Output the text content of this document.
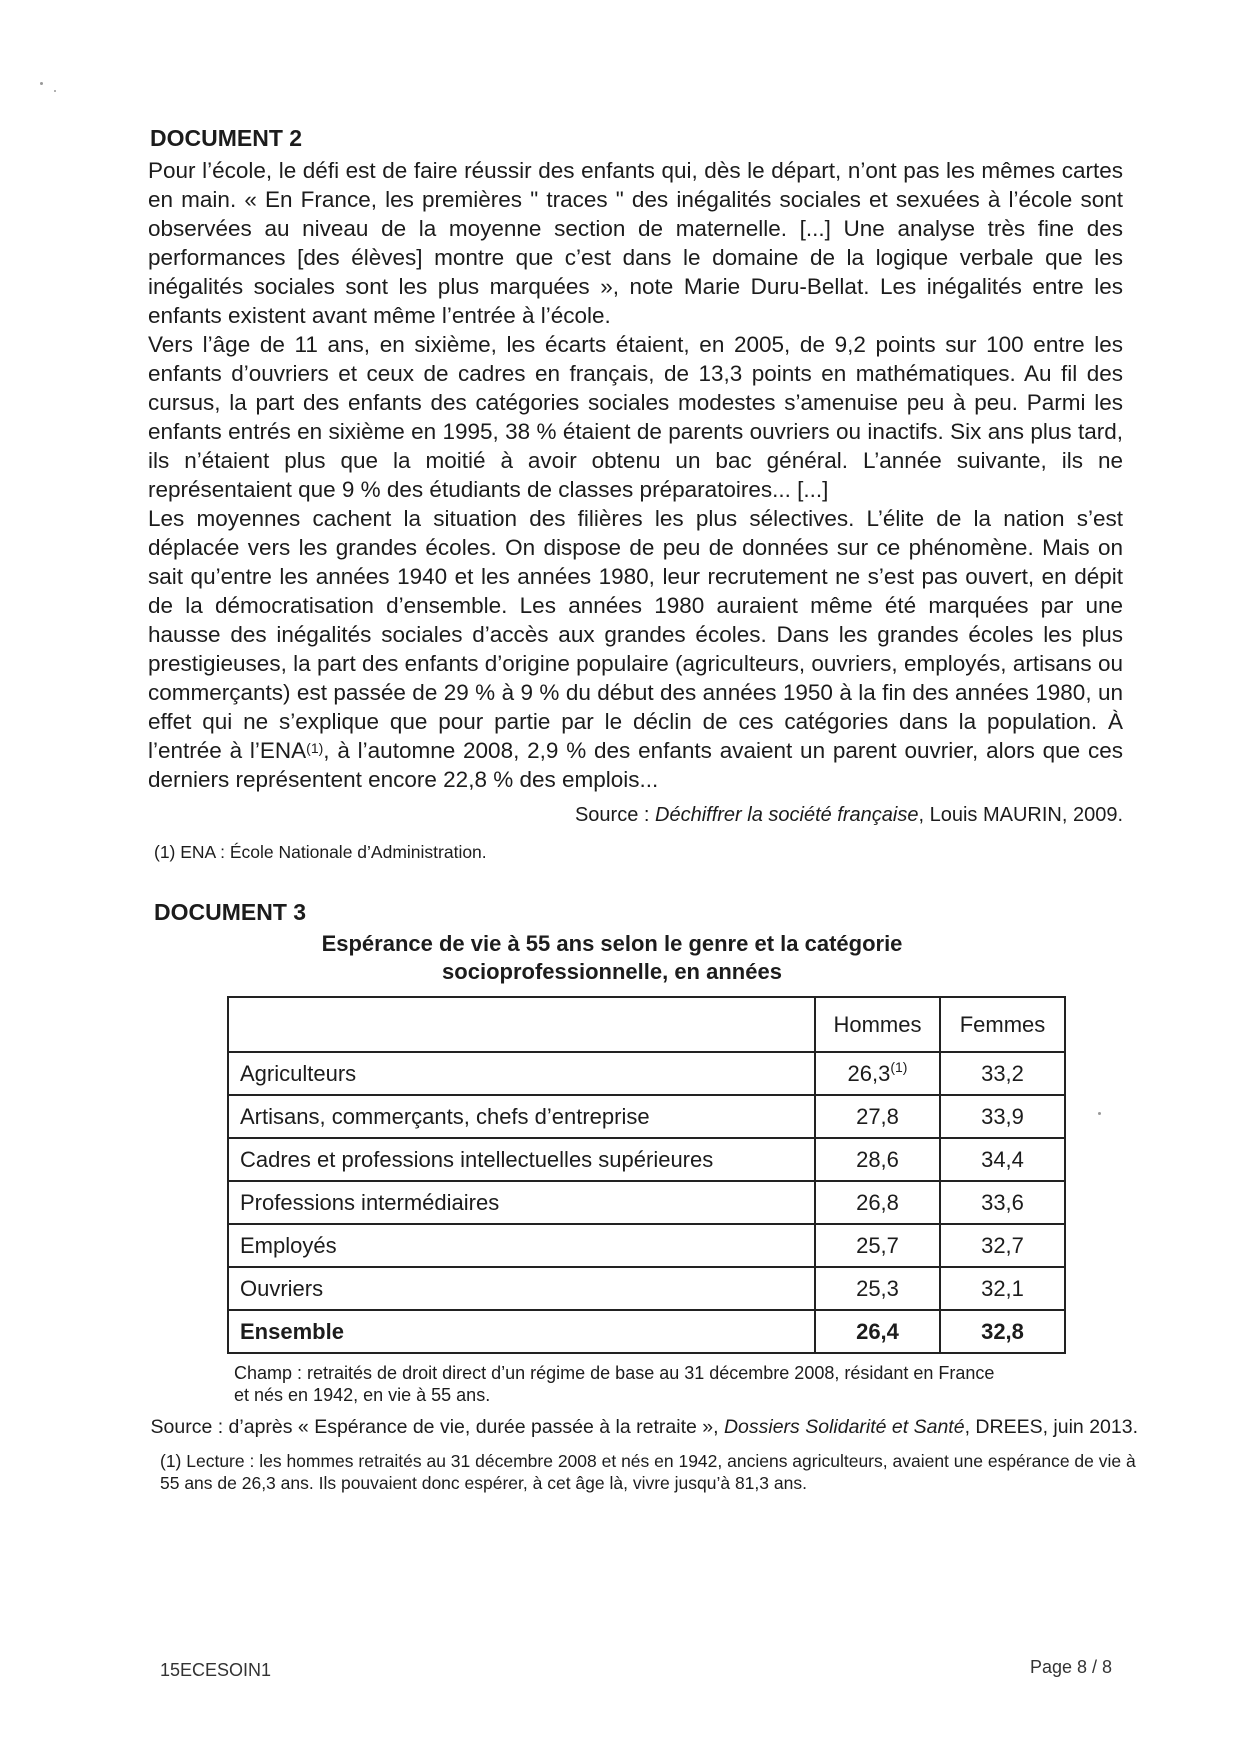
DOCUMENT 2

Pour l’école, le défi est de faire réussir des enfants qui, dès le départ, n’ont pas les mêmes cartes en main. « En France, les premières " traces " des inégalités sociales et sexuées à l’école sont observées au niveau de la moyenne section de maternelle. [...] Une analyse très fine des performances [des élèves] montre que c’est dans le domaine de la logique verbale que les inégalités sociales sont les plus marquées », note Marie Duru-Bellat. Les inégalités entre les enfants existent avant même l’entrée à l’école.

Vers l’âge de 11 ans, en sixième, les écarts étaient, en 2005, de 9,2 points sur 100 entre les enfants d’ouvriers et ceux de cadres en français, de 13,3 points en mathématiques. Au fil des cursus, la part des enfants des catégories sociales modestes s’amenuise peu à peu. Parmi les enfants entrés en sixième en 1995, 38 % étaient de parents ouvriers ou inactifs. Six ans plus tard, ils n’étaient plus que la moitié à avoir obtenu un bac général. L’année suivante, ils ne représentaient que 9 % des étudiants de classes préparatoires... [...]

Les moyennes cachent la situation des filières les plus sélectives. L’élite de la nation s’est déplacée vers les grandes écoles. On dispose de peu de données sur ce phénomène. Mais on sait qu’entre les années 1940 et les années 1980, leur recrutement ne s’est pas ouvert, en dépit de la démocratisation d’ensemble. Les années 1980 auraient même été marquées par une hausse des inégalités sociales d’accès aux grandes écoles. Dans les grandes écoles les plus prestigieuses, la part des enfants d’origine populaire (agriculteurs, ouvriers, employés, artisans ou commerçants) est passée de 29 % à 9 % du début des années 1950 à la fin des années 1980, un effet qui ne s’explique que pour partie par le déclin de ces catégories dans la population. À l’entrée à l’ENA$^{(1)}$, à l’automne 2008, 2,9 % des enfants avaient un parent ouvrier, alors que ces derniers représentent encore 22,8 % des emplois...

Source : Déchiffrer la société française, Louis MAURIN, 2009.
(1) ENA : École Nationale d’Administration.
DOCUMENT 3
Espérance de vie à 55 ans selon le genre et la catégorie
socioprofessionnelle, en années
	Hommes	Femmes
Agriculteurs	26,3$^{(1)}$	33,2
Artisans, commerçants, chefs d’entreprise	27,8	33,9
Cadres et professions intellectuelles supérieures	28,6	34,4
Professions intermédiaires	26,8	33,6
Employés	25,7	32,7
Ouvriers	25,3	32,1
Ensemble	26,4	32,8
Champ : retraités de droit direct d’un régime de base au 31 décembre 2008, résidant en France et nés en 1942, en vie à 55 ans.
Source : d’après « Espérance de vie, durée passée à la retraite », Dossiers Solidarité et Santé, DREES, juin 2013.
(1) Lecture : les hommes retraités au 31 décembre 2008 et nés en 1942, anciens agriculteurs, avaient une espérance de vie à 55 ans de 26,3 ans. Ils pouvaient donc espérer, à cet âge là, vivre jusqu’à 81,3 ans.
15ECESOIN1	Page 8 / 8
